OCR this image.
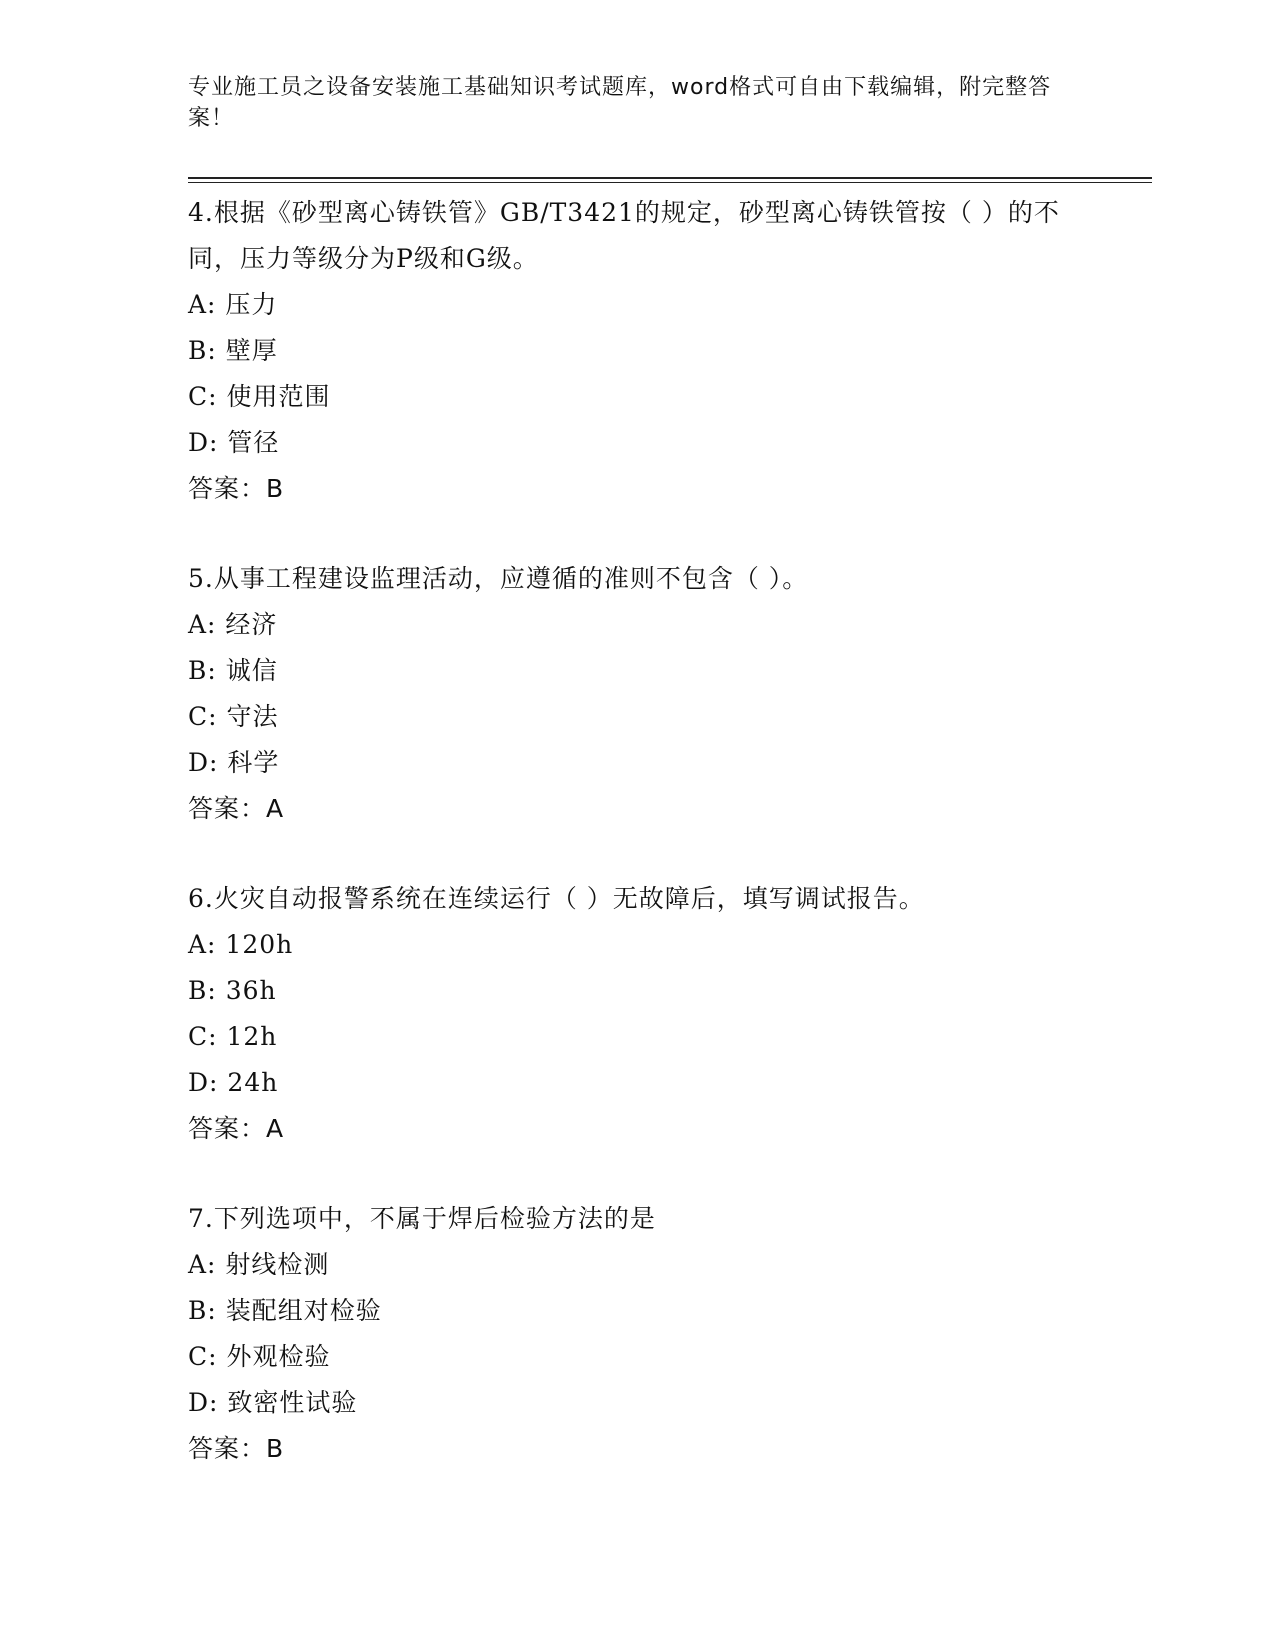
专业施工员之设备安装施工基础知识考试题库，word格式可自由下载编辑，附完整答案！

4.根据《砂型离心铸铁管》GB/T3421的规定，砂型离心铸铁管按（ ）的不同，压力等级分为P级和G级。

A: 压力
B: 壁厚
C: 使用范围
D: 管径
答案：B

5.从事工程建设监理活动，应遵循的准则不包含（ ）。

A: 经济
B: 诚信
C: 守法
D: 科学
答案：A

6.火灾自动报警系统在连续运行（ ）无故障后，填写调试报告。

A: 120h
B: 36h
C: 12h
D: 24h
答案：A

7.下列选项中，不属于焊后检验方法的是

A: 射线检测
B: 装配组对检验
C: 外观检验
D: 致密性试验
答案：B
